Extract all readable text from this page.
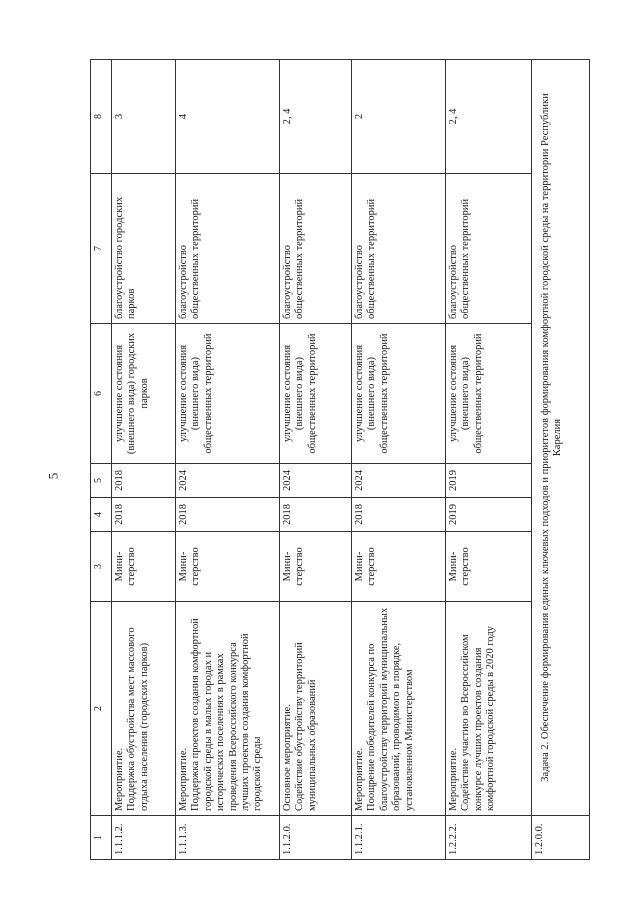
5
1	2	3	4	5	6	7	8
1.1.1.2.	Мероприятие.
Поддержка обустройства мест массового отдыха населения (городских парков)	Мини-
стерство	2018	2018	улучшение состояния (внешнего вида) городских парков	благоустройство городских парков	3
1.1.1.3.	Мероприятие.
Поддержка проектов создания комфортной городской среды в малых городах и исторических поселениях в рамках проведения Всероссийского конкурса лучших проектов создания комфортной городской среды	Мини-
стерство	2018	2024	улучшение состояния (внешнего вида) общественных территорий	благоустройство общественных территорий	4
1.1.2.0.	Основное мероприятие.
Содействие обустройству территорий муниципальных образований	Мини-
стерство	2018	2024	улучшение состояния (внешнего вида) общественных территорий	благоустройство общественных территорий	2, 4
1.1.2.1.	Мероприятие.
Поощрение победителей конкурса по благоустройству территорий муниципальных образований, проводимого в порядке, установленном Министерством	Мини-
стерство	2018	2024	улучшение состояния (внешнего вида) общественных территорий	благоустройство общественных территорий	2
1.2.2.2.	Мероприятие.
Содействие участию во Всероссийском конкурсе лучших проектов создания комфортной городской среды в 2020 году	Мини-
стерство	2019	2019	улучшение состояния (внешнего вида) общественных территорий	благоустройство общественных территорий	2, 4
1.2.0.0.	Задача 2. Обеспечение формирования единых ключевых подходов и приоритетов формирования комфортной городской среды на территории Республики Карелия						
